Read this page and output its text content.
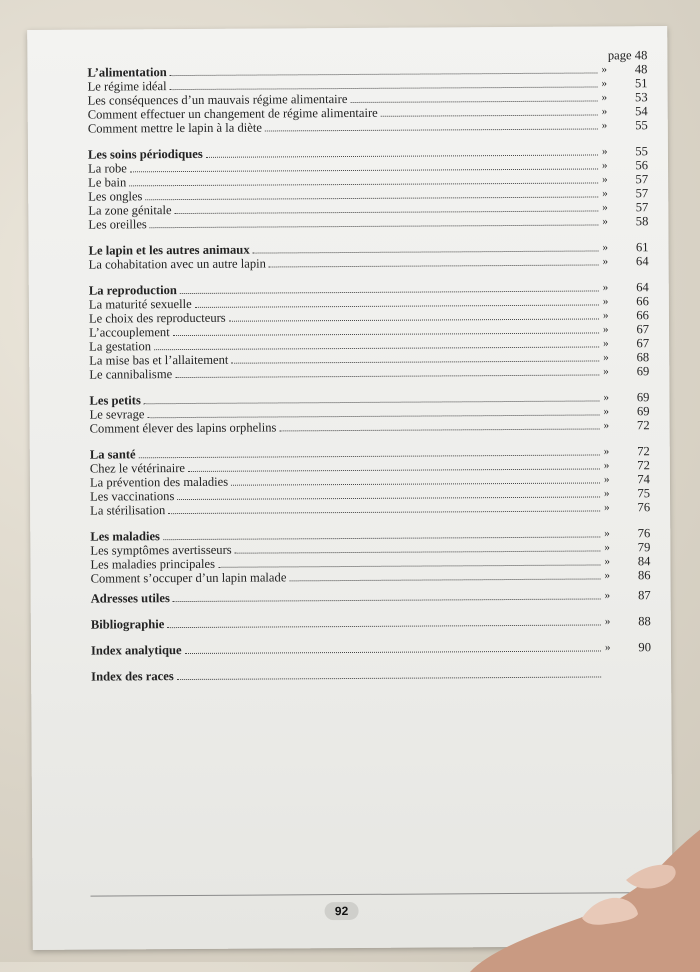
page
48
L’alimentation	» 48
Le régime idéal	» 51
Les conséquences d’un mauvais régime alimentaire	» 53
Comment effectuer un changement de régime alimentaire	» 54
Comment mettre le lapin à la diète	» 55
Les soins périodiques	» 55
La robe	» 56
Le bain	» 57
Les ongles	» 57
La zone génitale	» 57
Les oreilles	» 58
Le lapin et les autres animaux	» 61
La cohabitation avec un autre lapin	» 64
La reproduction	» 64
La maturité sexuelle	» 66
Le choix des reproducteurs	» 66
L’accouplement	» 67
La gestation	» 67
La mise bas et l’allaitement	» 68
Le cannibalisme	» 69
Les petits	» 69
Le sevrage	» 69
Comment élever des lapins orphelins	» 72
La santé	» 72
Chez le vétérinaire	» 72
La prévention des maladies	» 74
Les vaccinations	» 75
La stérilisation	» 76
Les maladies	» 76
Les symptômes avertisseurs	» 79
Les maladies principales	» 84
Comment s’occuper d’un lapin malade	» 86
Adresses utiles	» 87
Bibliographie	» 88
Index analytique	» 90
Index des races
92
